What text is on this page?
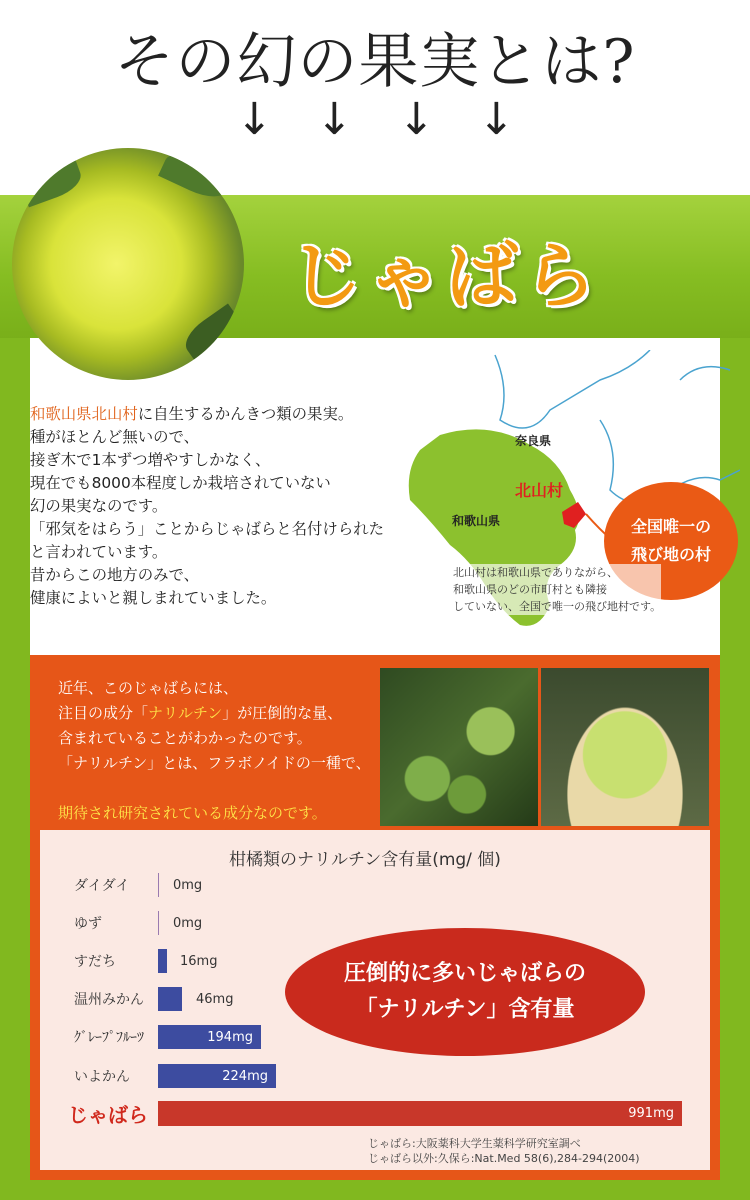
その幻の果実とは?
↓ ↓ ↓ ↓
じゃばら
和歌山県北山村に自生するかんきつ類の果実。
種がほとんど無いので、
接ぎ木で1本ずつ増やすしかなく、
現在でも8000本程度しか栽培されていない
幻の果実なのです。
「邪気をはらう」ことからじゃばらと名付けられた
と言われています。
昔からこの地方のみで、
健康によいと親しまれていました。
奈良県
和歌山県
北山村
全国唯一の
飛び地の村
北山村は和歌山県でありながら、
和歌山県のどの市町村とも隣接
していない、全国で唯一の飛び地村です。
近年、このじゃばらには、
注目の成分「ナリルチン」が圧倒的な量、
含まれていることがわかったのです。
「ナリルチン」とは、フラボノイドの一種で、
期待され研究されている成分なのです。
柑橘類のナリルチン含有量(mg/ 個)
ダイダイ	0mg
ゆず	0mg
すだち	16mg
温州みかん	46mg
ｸﾞﾚｰﾌﾟﾌﾙｰﾂ	194mg
いよかん	224mg
じゃばら	991mg
圧倒的に多いじゃばらの
「ナリルチン」含有量
じゃばら:大阪薬科大学生薬科学研究室調べ
じゃばら以外:久保ら:Nat.Med 58(6),284-294(2004)
